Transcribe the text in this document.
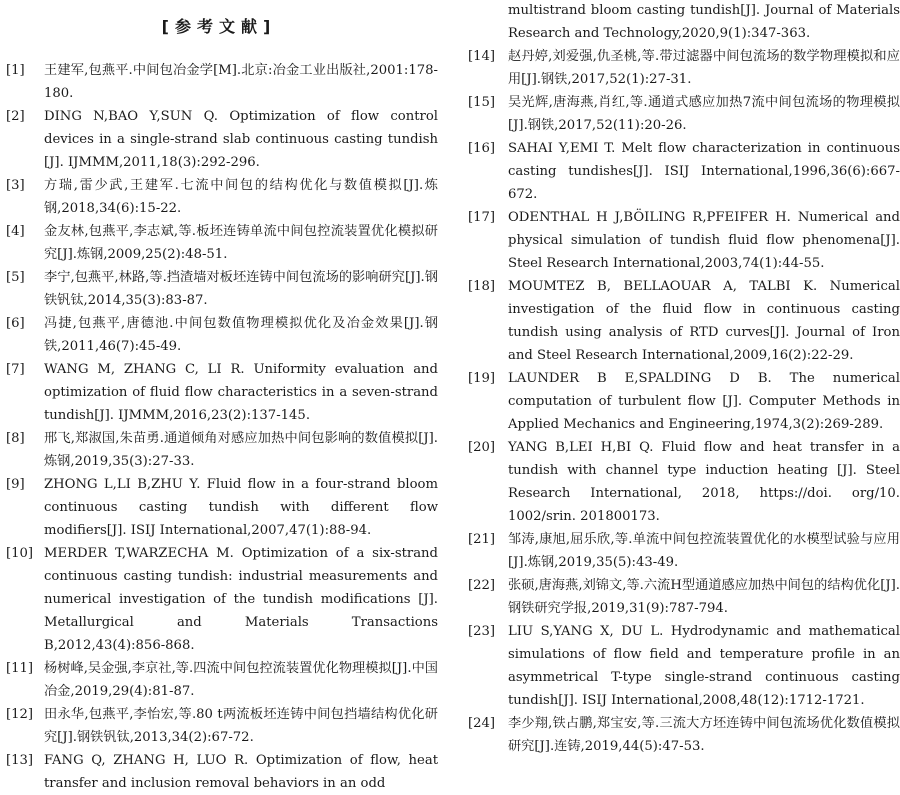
[参考文献]
[1]	王建军,包燕平.中间包冶金学[M].北京:冶金工业出版社,2001:178-180.
[2]	DING N,BAO Y,SUN Q. Optimization of flow control devices in a single-strand slab continuous casting tundish [J]. IJMMM,2011,18(3):292-296.
[3]	方瑞,雷少武,王建军.七流中间包的结构优化与数值模拟[J].炼钢,2018,34(6):15-22.
[4]	金友林,包燕平,李志斌,等.板坯连铸单流中间包控流装置优化模拟研究[J].炼钢,2009,25(2):48-51.
[5]	李宁,包燕平,林路,等.挡渣墙对板坯连铸中间包流场的影响研究[J].钢铁钒钛,2014,35(3):83-87.
[6]	冯捷,包燕平,唐德池.中间包数值物理模拟优化及冶金效果[J].钢铁,2011,46(7):45-49.
[7]	WANG M, ZHANG C, LI R. Uniformity evaluation and optimization of fluid flow characteristics in a seven-strand tundish[J]. IJMMM,2016,23(2):137-145.
[8]	邢飞,郑淑国,朱苗勇.通道倾角对感应加热中间包影响的数值模拟[J].炼钢,2019,35(3):27-33.
[9]	ZHONG L,LI B,ZHU Y. Fluid flow in a four-strand bloom continuous casting tundish with different flow modifiers[J]. ISIJ International,2007,47(1):88-94.
[10] MERDER T,WARZECHA M. Optimization of a six-strand continuous casting tundish: industrial measurements and numerical investigation of the tundish modifications [J]. Metallurgical and Materials Transactions B,2012,43(4):856-868.
[11] 杨树峰,吴金强,李京社,等.四流中间包控流装置优化物理模拟[J].中国冶金,2019,29(4):81-87.
[12] 田永华,包燕平,李怡宏,等.80 t两流板坯连铸中间包挡墙结构优化研究[J].钢铁钒钛,2013,34(2):67-72.
[13] FANG Q, ZHANG H, LUO R. Optimization of flow, heat transfer and inclusion removal behaviors in an odd
multistrand bloom casting tundish[J]. Journal of Materials Research and Technology,2020,9(1):347-363.
[14] 赵丹婷,刘爱强,仇圣桃,等.带过滤器中间包流场的数学物理模拟和应用[J].钢铁,2017,52(1):27-31.
[15] 吴光辉,唐海燕,肖红,等.通道式感应加热7流中间包流场的物理模拟[J].钢铁,2017,52(11):20-26.
[16] SAHAI Y,EMI T. Melt flow characterization in continuous casting tundishes[J]. ISIJ International,1996,36(6):667-672.
[17] ODENTHAL H J,BÖILING R,PFEIFER H. Numerical and physical simulation of tundish fluid flow phenomena[J]. Steel Research International,2003,74(1):44-55.
[18] MOUMTEZ B, BELLAOUAR A, TALBI K. Numerical investigation of the fluid flow in continuous casting tundish using analysis of RTD curves[J]. Journal of Iron and Steel Research International,2009,16(2):22-29.
[19] LAUNDER B E,SPALDING D B. The numerical computation of turbulent flow [J]. Computer Methods in Applied Mechanics and Engineering,1974,3(2):269-289.
[20] YANG B,LEI H,BI Q. Fluid flow and heat transfer in a tundish with channel type induction heating [J]. Steel Research International, 2018, https://doi. org/10. 1002/srin. 201800173.
[21] 邹涛,康旭,屈乐欣,等.单流中间包控流装置优化的水模型试验与应用[J].炼钢,2019,35(5):43-49.
[22] 张硕,唐海燕,刘锦文,等.六流H型通道感应加热中间包的结构优化[J].钢铁研究学报,2019,31(9):787-794.
[23] LIU S,YANG X, DU L. Hydrodynamic and mathematical simulations of flow field and temperature profile in an asymmetrical T-type single-strand continuous casting tundish[J]. ISIJ International,2008,48(12):1712-1721.
[24] 李少翔,铁占鹏,郑宝安,等.三流大方坯连铸中间包流场优化数值模拟研究[J].连铸,2019,44(5):47-53.
